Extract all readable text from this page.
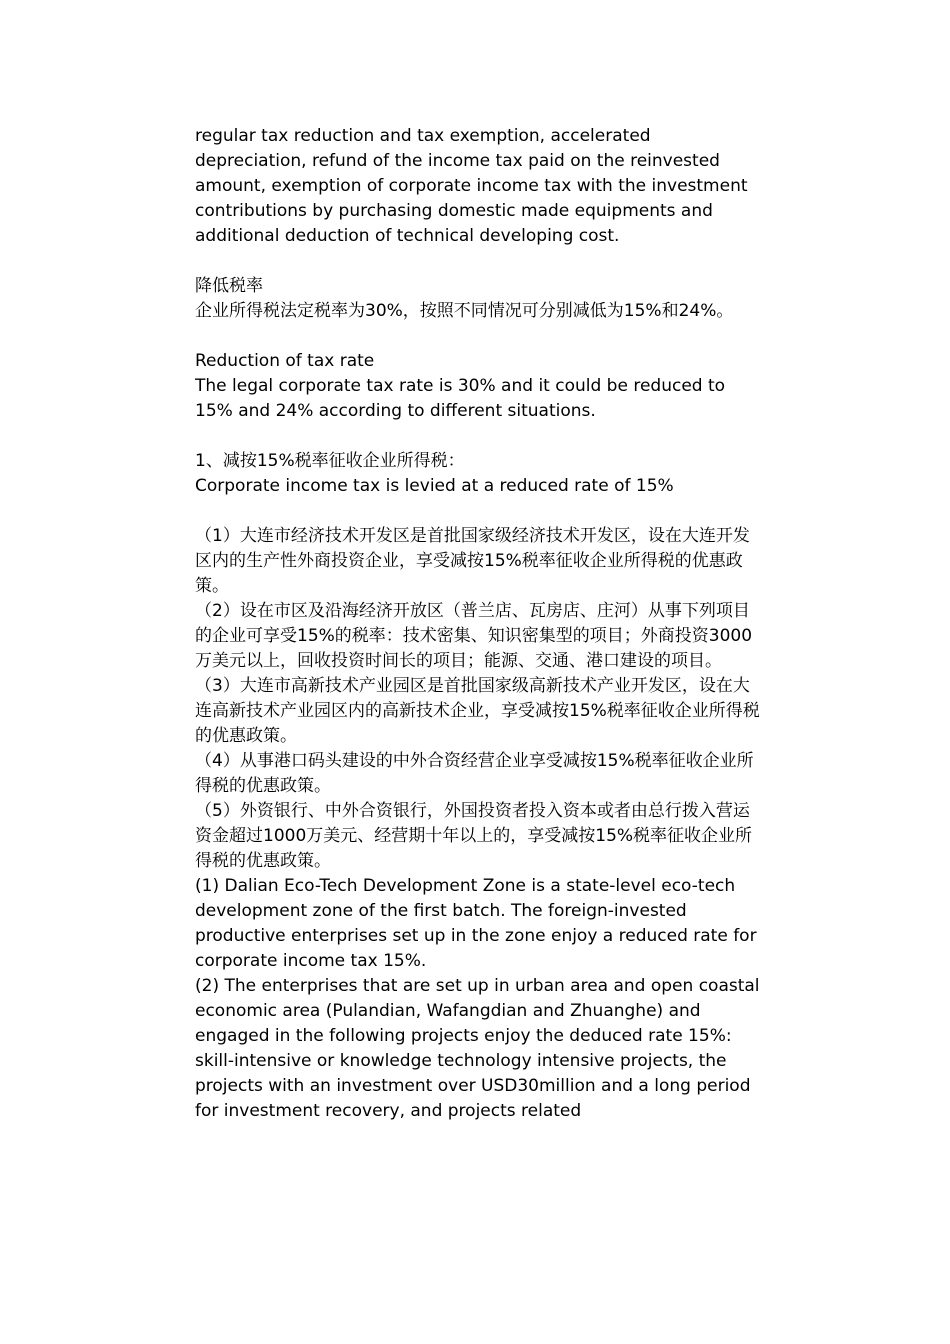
regular tax reduction and tax exemption, accelerated depreciation, refund of the income tax paid on the reinvested amount, exemption of corporate income tax with the investment contributions by purchasing domestic made equipments and additional deduction of technical developing cost.

降低税率

企业所得税法定税率为30%，按照不同情况可分别减低为15%和24%。

Reduction of tax rate

The legal corporate tax rate is 30% and it could be reduced to 15% and 24% according to different situations.

1、减按15%税率征收企业所得税：

Corporate income tax is levied at a reduced rate of 15%

（1）大连市经济技术开发区是首批国家级经济技术开发区，设在大连开发区内的生产性外商投资企业，享受减按15%税率征收企业所得税的优惠政策。

（2）设在市区及沿海经济开放区（普兰店、瓦房店、庄河）从事下列项目的企业可享受15%的税率：技术密集、知识密集型的项目；外商投资3000万美元以上，回收投资时间长的项目；能源、交通、港口建设的项目。

（3）大连市高新技术产业园区是首批国家级高新技术产业开发区，设在大连高新技术产业园区内的高新技术企业，享受减按15%税率征收企业所得税的优惠政策。

（4）从事港口码头建设的中外合资经营企业享受减按15%税率征收企业所得税的优惠政策。

（5）外资银行、中外合资银行，外国投资者投入资本或者由总行拨入营运资金超过1000万美元、经营期十年以上的，享受减按15%税率征收企业所得税的优惠政策。

(1) Dalian Eco-Tech Development Zone is a state-level eco-tech development zone of the first batch. The foreign-invested productive enterprises set up in the zone enjoy a reduced rate for corporate income tax 15%.

(2) The enterprises that are set up in urban area and open coastal economic area (Pulandian, Wafangdian and Zhuanghe) and engaged in the following projects enjoy the deduced rate 15%: skill-intensive or knowledge technology intensive projects, the projects with an investment over USD30million and a long period for investment recovery, and projects related
